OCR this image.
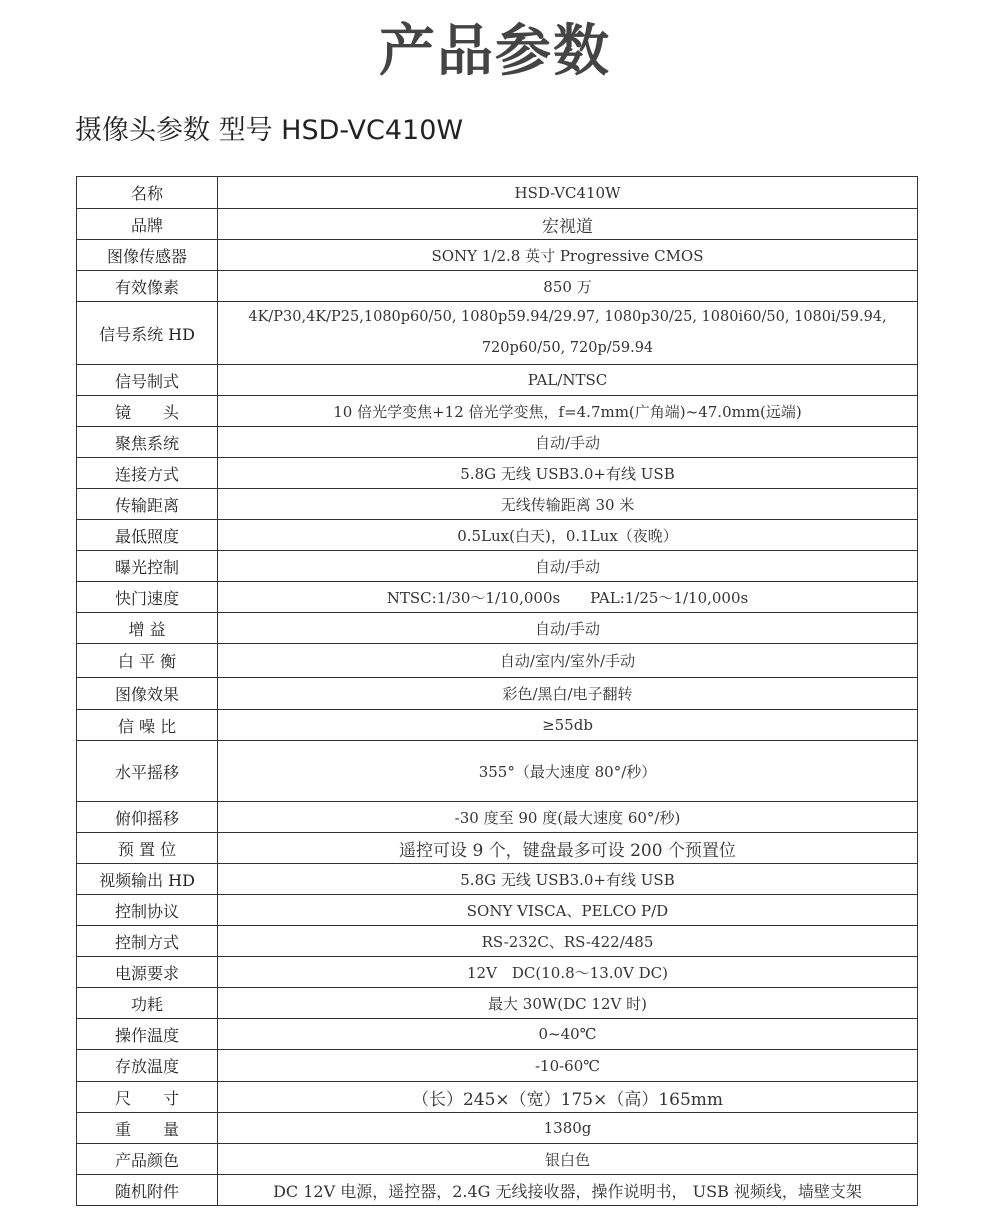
产品参数
摄像头参数 型号 HSD-VC410W
名称	HSD-VC410W
品牌	宏视道
图像传感器	SONY 1/2.8 英寸 Progressive CMOS
有效像素	850 万
信号系统 HD	4K/P30,4K/P25,1080p60/50, 1080p59.94/29.97, 1080p30/25, 1080i60/50, 1080i/59.94, 720p60/50, 720p/59.94
信号制式	PAL/NTSC
镜　　头	10 倍光学变焦+12 倍光学变焦，f=4.7mm(广角端)~47.0mm(远端)
聚焦系统	自动/手动
连接方式	5.8G 无线 USB3.0+有线 USB
传输距离	无线传输距离 30 米
最低照度	0.5Lux(白天)，0.1Lux（夜晚）
曝光控制	自动/手动
快门速度	NTSC:1/30～1/10,000s　　PAL:1/25～1/10,000s
增 益	自动/手动
白 平 衡	自动/室内/室外/手动
图像效果	彩色/黑白/电子翻转
信 噪 比	≥55db
水平摇移	355°（最大速度 80°/秒）
俯仰摇移	-30 度至 90 度(最大速度 60°/秒)
预 置 位	遥控可设 9 个，键盘最多可设 200 个预置位
视频输出 HD	5.8G 无线 USB3.0+有线 USB
控制协议	SONY VISCA、PELCO P/D
控制方式	RS-232C、RS-422/485
电源要求	12V　DC(10.8～13.0V DC)
功耗	最大 30W(DC 12V 时)
操作温度	0~40℃
存放温度	-10-60℃
尺　　寸	（长）245×（宽）175×（高）165mm
重　　量	1380g
产品颜色	银白色
随机附件	DC 12V 电源，遥控器，2.4G 无线接收器，操作说明书， USB 视频线，墙壁支架
